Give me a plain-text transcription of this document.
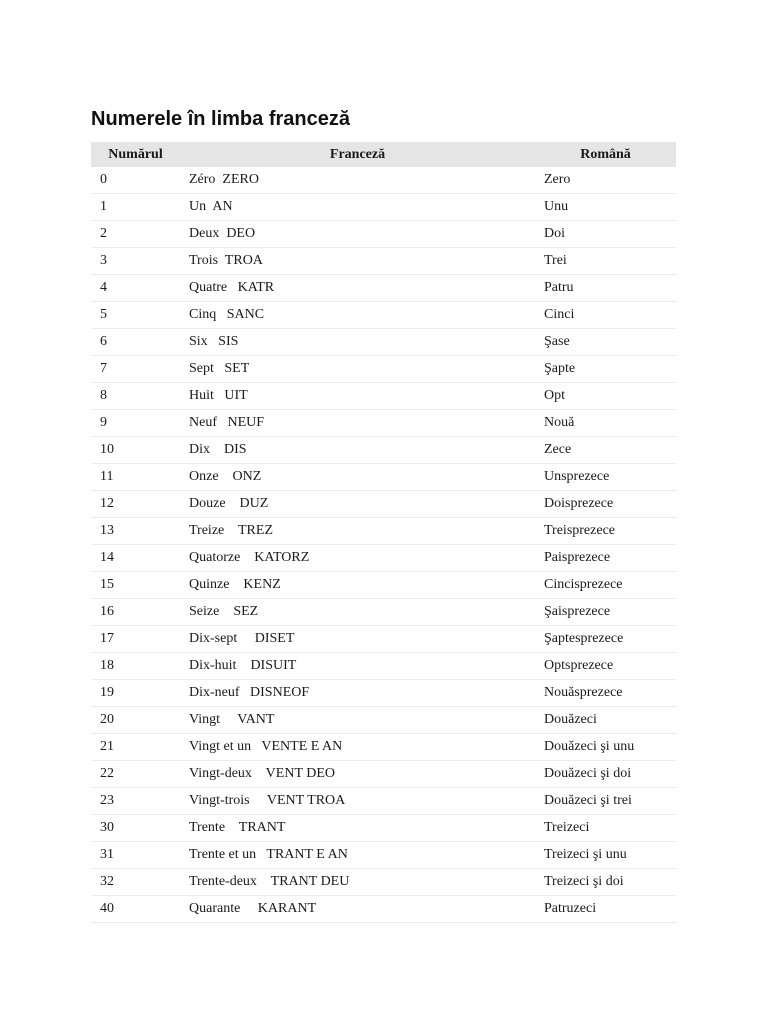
Numerele în limba franceză
Numărul	Franceză	Română
0	Zéro  ZERO	Zero
1	Un  AN	Unu
2	Deux  DEO	Doi
3	Trois  TROA	Trei
4	Quatre   KATR	Patru
5	Cinq   SANC	Cinci
6	Six   SIS	Şase
7	Sept   SET	Şapte
8	Huit   UIT	Opt
9	Neuf   NEUF	Nouă
10	Dix    DIS	Zece
11	Onze    ONZ	Unsprezece
12	Douze    DUZ	Doisprezece
13	Treize    TREZ	Treisprezece
14	Quatorze    KATORZ	Paisprezece
15	Quinze    KENZ	Cincisprezece
16	Seize    SEZ	Şaisprezece
17	Dix-sept     DISET	Şaptesprezece
18	Dix-huit    DISUIT	Optsprezece
19	Dix-neuf   DISNEOF	Nouăsprezece
20	Vingt     VANT	Douăzeci
21	Vingt et un   VENTE E AN	Douăzeci şi unu
22	Vingt-deux    VENT DEO	Douăzeci şi doi
23	Vingt-trois     VENT TROA	Douăzeci şi trei
30	Trente    TRANT	Treizeci
31	Trente et un   TRANT E AN	Treizeci şi unu
32	Trente-deux    TRANT DEU	Treizeci şi doi
40	Quarante     KARANT	Patruzeci
